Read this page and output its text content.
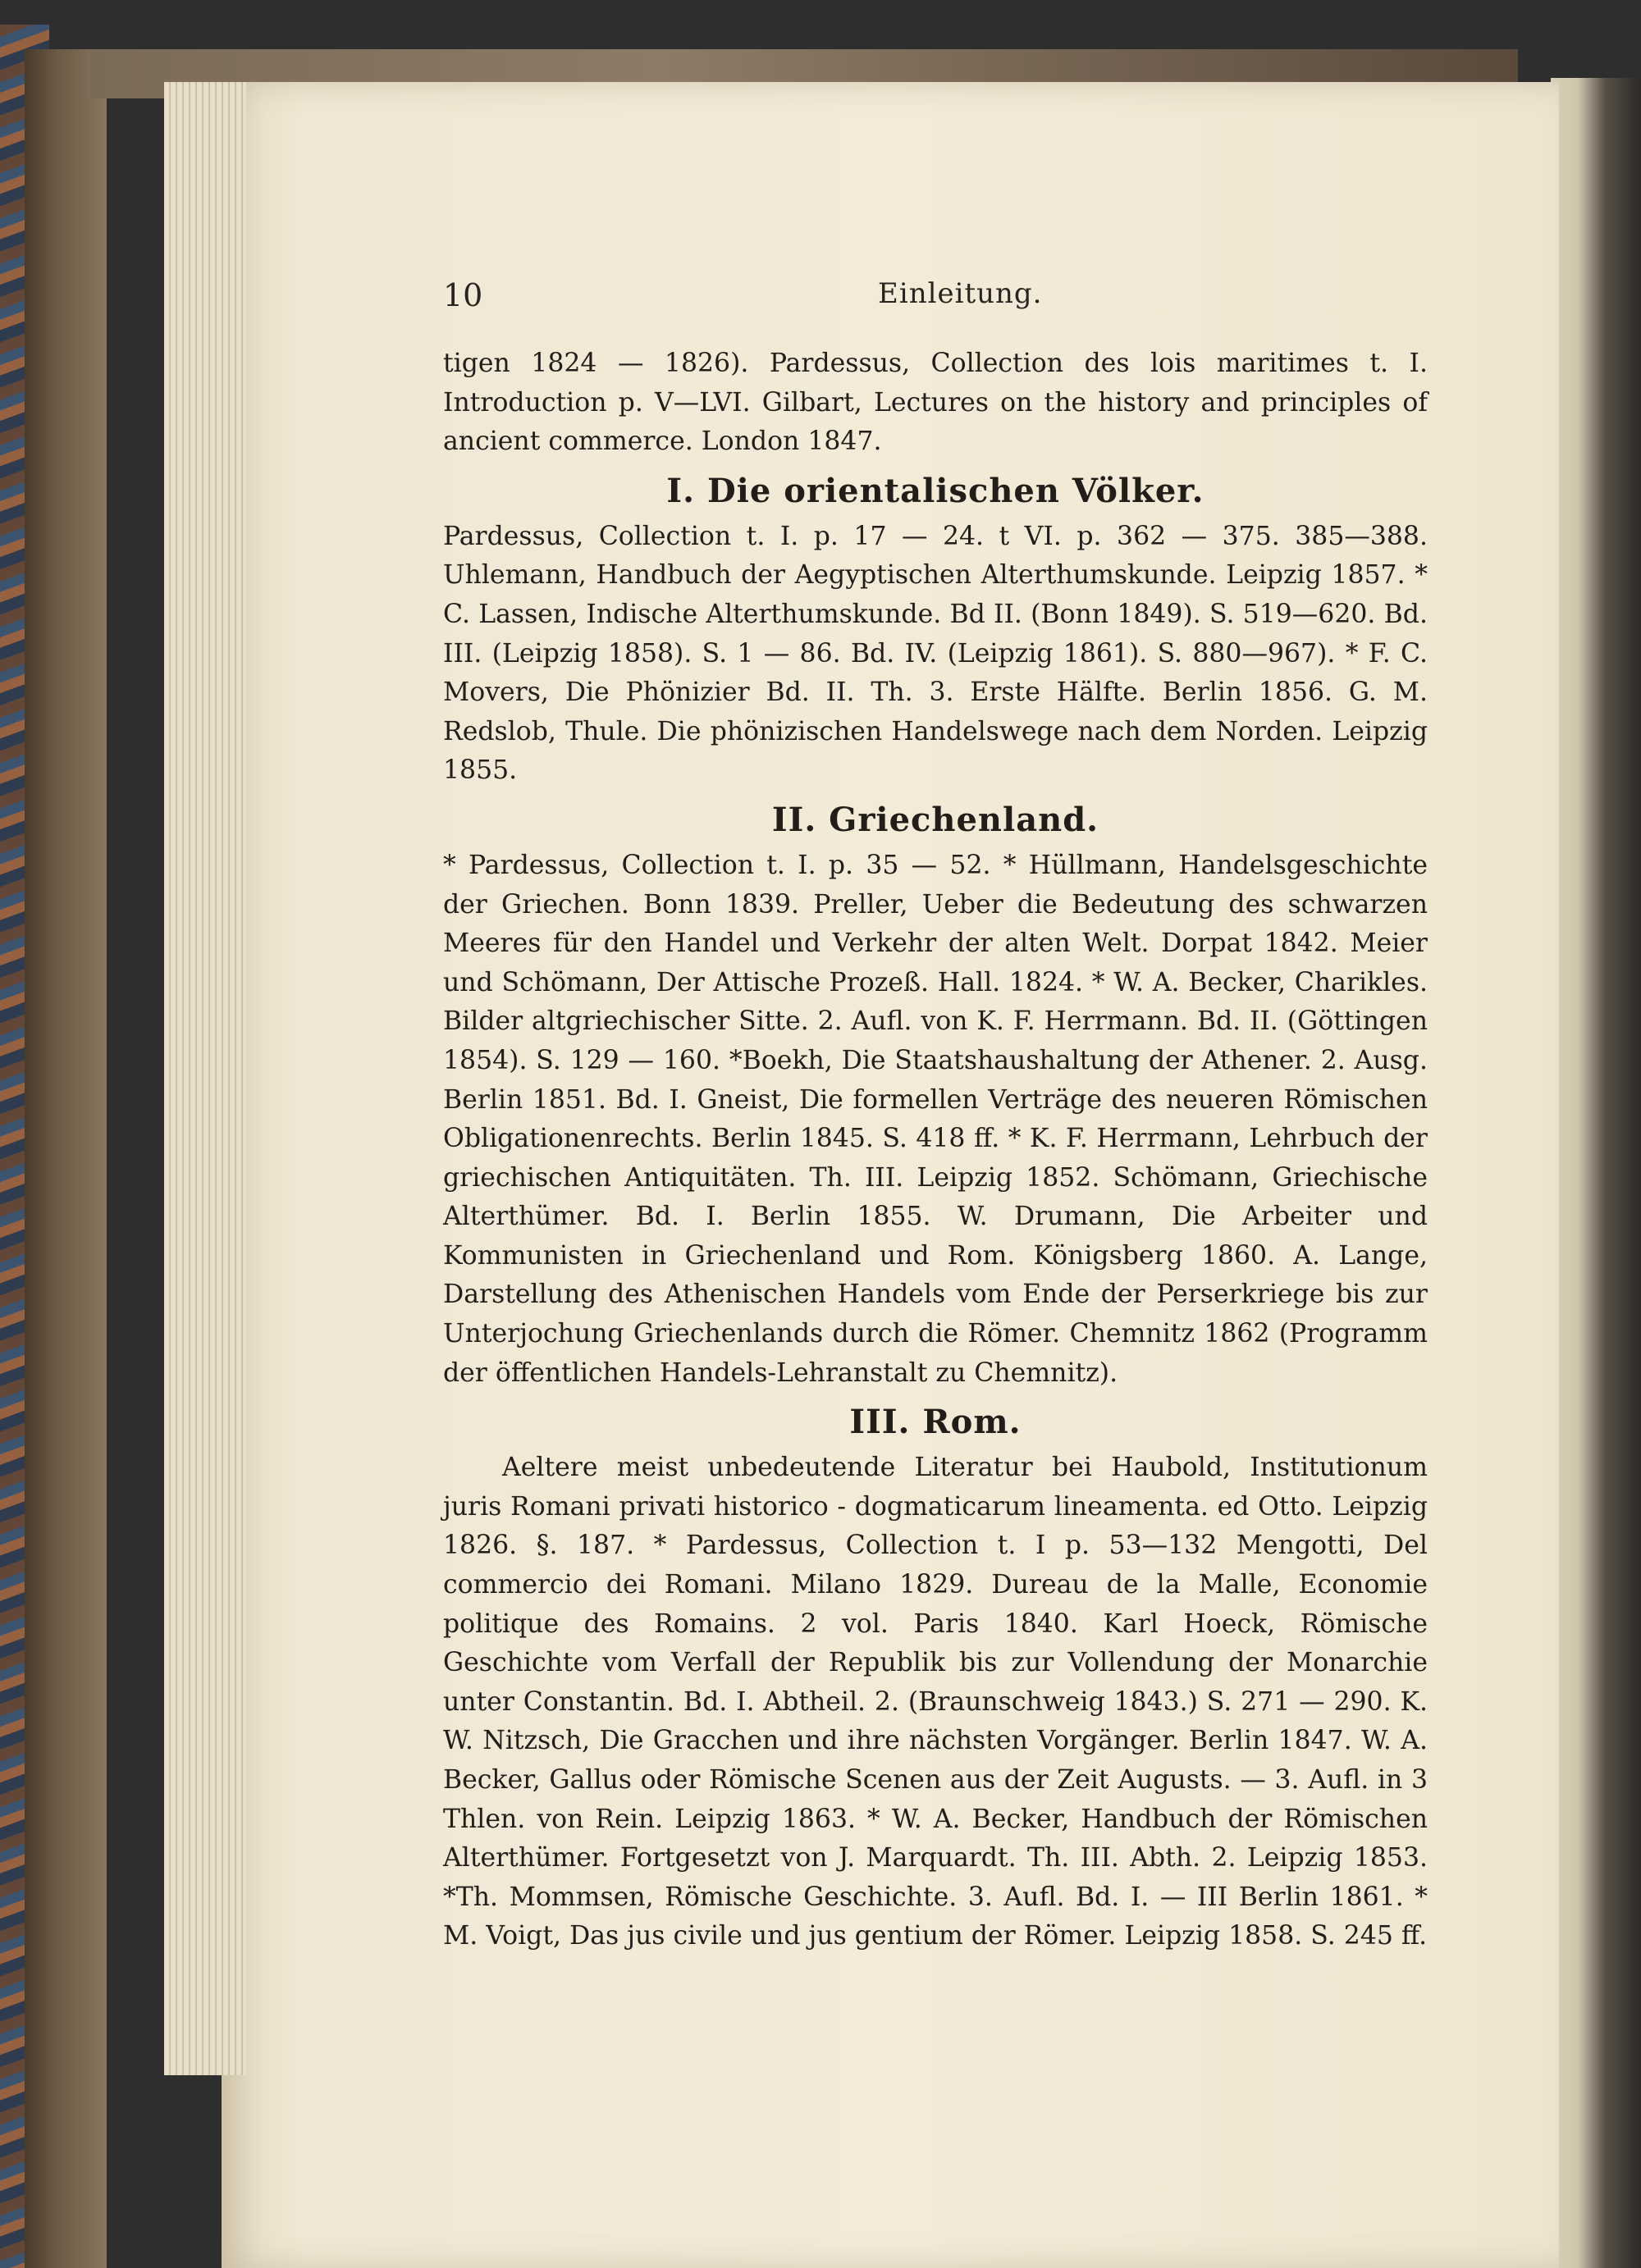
10	Einleitung.

tigen 1824 — 1826). Pardessus, Collection des lois maritimes t. I. Introduction p. V—LVI. Gilbart, Lectures on the history and principles of ancient commerce. London 1847.

I. Die orientalischen Völker.

Pardessus, Collection t. I. p. 17 — 24. t VI. p. 362 — 375. 385—388. Uhlemann, Handbuch der Aegyptischen Alterthumskunde. Leipzig 1857. * C. Lassen, Indische Alterthumskunde. Bd II. (Bonn 1849). S. 519—620. Bd. III. (Leipzig 1858). S. 1 — 86. Bd. IV. (Leipzig 1861). S. 880—967). * F. C. Movers, Die Phönizier Bd. II. Th. 3. Erste Hälfte. Berlin 1856. G. M. Redslob, Thule. Die phönizischen Handelswege nach dem Norden. Leipzig 1855.

II. Griechenland.

* Pardessus, Collection t. I. p. 35 — 52. * Hüllmann, Handelsgeschichte der Griechen. Bonn 1839. Preller, Ueber die Bedeutung des schwarzen Meeres für den Handel und Verkehr der alten Welt. Dorpat 1842. Meier und Schömann, Der Attische Prozeß. Hall. 1824. * W. A. Becker, Charikles. Bilder altgriechischer Sitte. 2. Aufl. von K. F. Herrmann. Bd. II. (Göttingen 1854). S. 129 — 160. *Boekh, Die Staatshaushaltung der Athener. 2. Ausg. Berlin 1851. Bd. I. Gneist, Die formellen Verträge des neueren Römischen Obligationenrechts. Berlin 1845. S. 418 ff. * K. F. Herrmann, Lehrbuch der griechischen Antiquitäten. Th. III. Leipzig 1852. Schömann, Griechische Alterthümer. Bd. I. Berlin 1855. W. Drumann, Die Arbeiter und Kommunisten in Griechenland und Rom. Königsberg 1860. A. Lange, Darstellung des Athenischen Handels vom Ende der Perserkriege bis zur Unterjochung Griechenlands durch die Römer. Chemnitz 1862 (Programm der öffentlichen Handels-Lehranstalt zu Chemnitz).

III. Rom.

Aeltere meist unbedeutende Literatur bei Haubold, Institutionum juris Romani privati historico - dogmaticarum lineamenta. ed Otto. Leipzig 1826. §. 187. * Pardessus, Collection t. I p. 53—132 Mengotti, Del commercio dei Romani. Milano 1829. Dureau de la Malle, Economie politique des Romains. 2 vol. Paris 1840. Karl Hoeck, Römische Geschichte vom Verfall der Republik bis zur Vollendung der Monarchie unter Constantin. Bd. I. Abtheil. 2. (Braunschweig 1843.) S. 271 — 290. K. W. Nitzsch, Die Gracchen und ihre nächsten Vorgänger. Berlin 1847. W. A. Becker, Gallus oder Römische Scenen aus der Zeit Augusts. — 3. Aufl. in 3 Thlen. von Rein. Leipzig 1863. * W. A. Becker, Handbuch der Römischen Alterthümer. Fortgesetzt von J. Marquardt. Th. III. Abth. 2. Leipzig 1853. *Th. Mommsen, Römische Geschichte. 3. Aufl. Bd. I. — III Berlin 1861. * M. Voigt, Das jus civile und jus gentium der Römer. Leipzig 1858. S. 245 ff.
